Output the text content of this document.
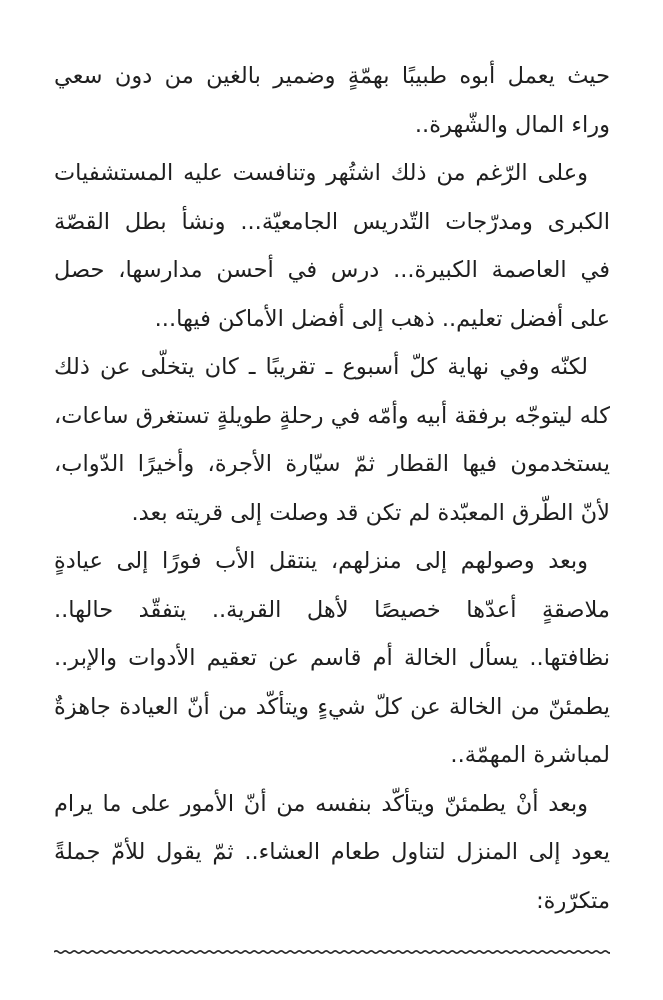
حيث يعمل أبوه طبيبًا بهمّةٍ وضمير بالغين من دون سعي
وراء المال والشّهرة..

وعلى الرّغم من ذلك اشتُهر وتنافست عليه المستشفيات
الكبرى ومدرّجات التّدريس الجامعيّة... ونشأ بطل القصّة
في العاصمة الكبيرة... درس في أحسن مدارسها، حصل
على أفضل تعليم.. ذهب إلى أفضل الأماكن فيها...

لكنّه وفي نهاية كلّ أسبوع ـ تقريبًا ـ كان يتخلّى عن ذلك
كله ليتوجّه برفقة أبيه وأمّه في رحلةٍ طويلةٍ تستغرق ساعات،
يستخدمون فيها القطار ثمّ سيّارة الأجرة، وأخيرًا الدّواب،
لأنّ الطّرق المعبّدة لم تكن قد وصلت إلى قريته بعد.

وبعد وصولهم إلى منزلهم، ينتقل الأب فورًا إلى عيادةٍ
ملاصقةٍ أعدّها خصيصًا لأهل القرية.. يتفقّد حالها..
نظافتها.. يسأل الخالة أم قاسم عن تعقيم الأدوات والإبر..
يطمئنّ من الخالة عن كلّ شيءٍ ويتأكّد من أنّ العيادة جاهزةٌ
لمباشرة المهمّة..

وبعد أنْ يطمئنّ ويتأكّد بنفسه من أنّ الأمور على ما يرام
يعود إلى المنزل لتناول طعام العشاء.. ثمّ يقول للأمّ جملةً
متكرّرة:
